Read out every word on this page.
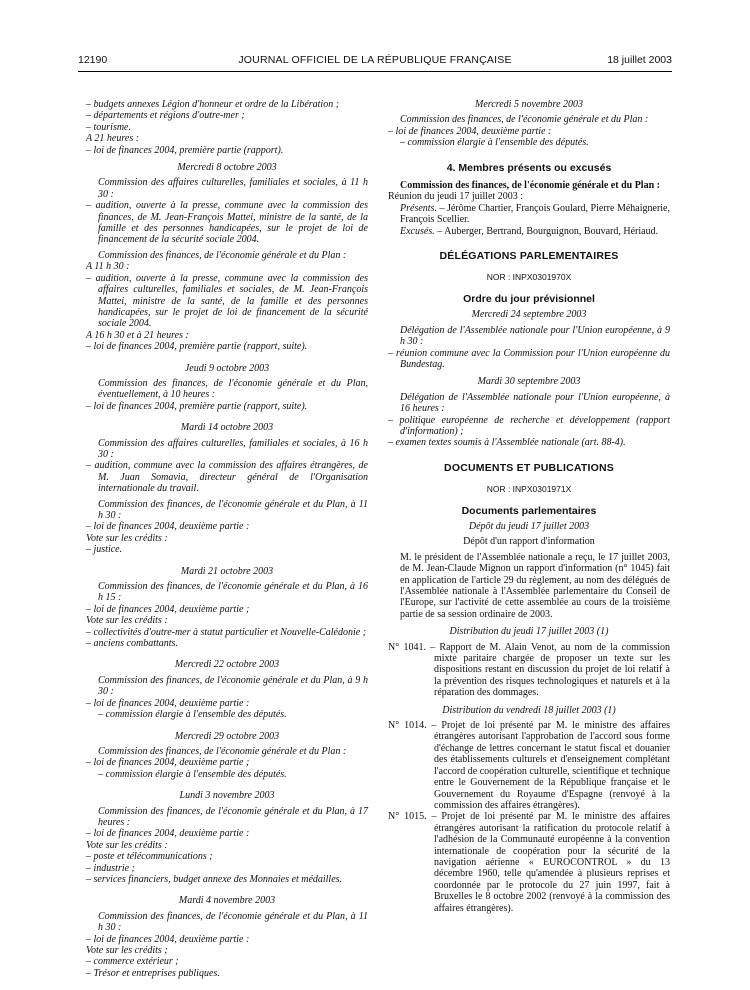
12190	JOURNAL OFFICIEL DE LA RÉPUBLIQUE FRANÇAISE	18 juillet 2003

– budgets annexes Légion d'honneur et ordre de la Libération ;

– départements et régions d'outre-mer ;

– tourisme.

A 21 heures :

– loi de finances 2004, première partie (rapport).

Mercredi 8 octobre 2003

Commission des affaires culturelles, familiales et sociales, à 11 h 30 :

– audition, ouverte à la presse, commune avec la commission des finances, de M. Jean-François Mattei, ministre de la santé, de la famille et des personnes handicapées, sur le projet de loi de financement de la sécurité sociale 2004.

Commission des finances, de l'économie générale et du Plan :

A 11 h 30 :

– audition, ouverte à la presse, commune avec la commission des affaires culturelles, familiales et sociales, de M. Jean-François Mattei, ministre de la santé, de la famille et des personnes handicapées, sur le projet de loi de financement de la sécurité sociale 2004.

A 16 h 30 et à 21 heures :

– loi de finances 2004, première partie (rapport, suite).

Jeudi 9 octobre 2003

Commission des finances, de l'économie générale et du Plan, éventuellement, à 10 heures :

– loi de finances 2004, première partie (rapport, suite).

Mardi 14 octobre 2003

Commission des affaires culturelles, familiales et sociales, à 16 h 30 :

– audition, commune avec la commission des affaires étrangères, de M. Juan Somavia, directeur général de l'Organisation internationale du travail.

Commission des finances, de l'économie générale et du Plan, à 11 h 30 :

– loi de finances 2004, deuxième partie :

Vote sur les crédits :

– justice.

Mardi 21 octobre 2003

Commission des finances, de l'économie générale et du Plan, à 16 h 15 :

– loi de finances 2004, deuxième partie ;

Vote sur les crédits :

– collectivités d'outre-mer à statut particulier et Nouvelle-Calédonie ;

– anciens combattants.

Mercredi 22 octobre 2003

Commission des finances, de l'économie générale et du Plan, à 9 h 30 :

– loi de finances 2004, deuxième partie :

– commission élargie à l'ensemble des députés.

Mercredi 29 octobre 2003

Commission des finances, de l'économie générale et du Plan :

– loi de finances 2004, deuxième partie ;

– commission élargie à l'ensemble des députés.

Lundi 3 novembre 2003

Commission des finances, de l'économie générale et du Plan, à 17 heures :

– loi de finances 2004, deuxième partie :

Vote sur les crédits :

– poste et télécommunications ;

– industrie ;

– services financiers, budget annexe des Monnaies et médailles.

Mardi 4 novembre 2003

Commission des finances, de l'économie générale et du Plan, à 11 h 30 :

– loi de finances 2004, deuxième partie :

Vote sur les crédits ;

– commerce extérieur ;

– Trésor et entreprises publiques.

Mercredi 5 novembre 2003

Commission des finances, de l'économie générale et du Plan :

– loi de finances 2004, deuxième partie :

– commission élargie à l'ensemble des députés.

4. Membres présents ou excusés

Commission des finances, de l'économie générale et du Plan :

Réunion du jeudi 17 juillet 2003 :

Présents. – Jérôme Chartier, François Goulard, Pierre Méhaignerie, François Scellier.

Excusés. – Auberger, Bertrand, Bourguignon, Bouvard, Hériaud.

DÉLÉGATIONS PARLEMENTAIRES

NOR : INPX0301970X

Ordre du jour prévisionnel

Mercredi 24 septembre 2003

Délégation de l'Assemblée nationale pour l'Union européenne, à 9 h 30 :

– réunion commune avec la Commission pour l'Union européenne du Bundestag.

Mardi 30 septembre 2003

Délégation de l'Assemblée nationale pour l'Union européenne, à 16 heures :

– politique européenne de recherche et développement (rapport d'information) ;

– examen textes soumis à l'Assemblée nationale (art. 88-4).

DOCUMENTS ET PUBLICATIONS

NOR : INPX0301971X

Documents parlementaires

Dépôt du jeudi 17 juillet 2003

Dépôt d'un rapport d'information

M. le président de l'Assemblée nationale a reçu, le 17 juillet 2003, de M. Jean-Claude Mignon un rapport d'information (n° 1045) fait en application de l'article 29 du règlement, au nom des délégués de l'Assemblée nationale à l'Assemblée parlementaire du Conseil de l'Europe, sur l'activité de cette assemblée au cours de la troisième partie de sa session ordinaire de 2003.

Distribution du jeudi 17 juillet 2003 (1)

N° 1041. – Rapport de M. Alain Venot, au nom de la commission mixte paritaire chargée de proposer un texte sur les dispositions restant en discussion du projet de loi relatif à la prévention des risques technologiques et naturels et à la réparation des dommages.

Distribution du vendredi 18 juillet 2003 (1)

N° 1014. – Projet de loi présenté par M. le ministre des affaires étrangères autorisant l'approbation de l'accord sous forme d'échange de lettres concernant le statut fiscal et douanier des établissements culturels et d'enseignement complétant l'accord de coopération culturelle, scientifique et technique entre le Gouvernement de la République française et le Gouvernement du Royaume d'Espagne (renvoyé à la commission des affaires étrangères).

N° 1015. – Projet de loi présenté par M. le ministre des affaires étrangères autorisant la ratification du protocole relatif à l'adhésion de la Communauté européenne à la convention internationale de coopération pour la sécurité de la navigation aérienne « EUROCONTROL » du 13 décembre 1960, telle qu'amendée à plusieurs reprises et coordonnée par le protocole du 27 juin 1997, fait à Bruxelles le 8 octobre 2002 (renvoyé à la commission des affaires étrangères).
